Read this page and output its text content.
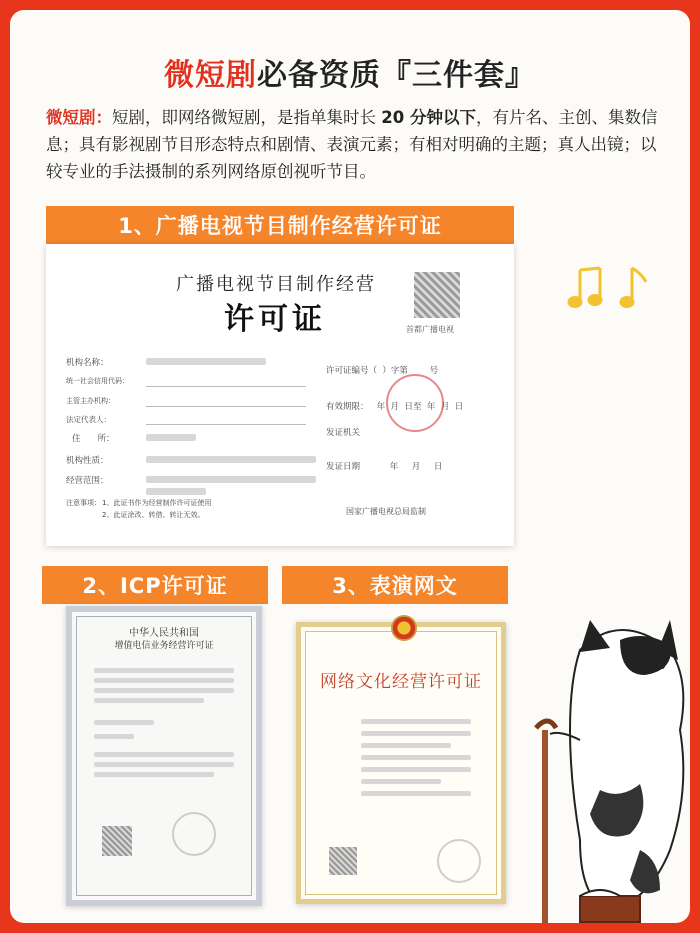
微短剧必备资质『三件套』
微短剧：短剧，即网络微短剧，是指单集时长 20 分钟以下，有片名、主创、集数信息；具有影视剧节目形态特点和剧情、表演元素；有相对明确的主题；真人出镜；以较专业的手法摄制的系列网络原创视听节目。
1、广播电视节目制作经营许可证
广播电视节目制作经营
许可证	首都广播电视
机构名称：
统一社会信用代码：
主管主办机构：
法定代表人：
住　　所：
机构性质：
经营范围：
许可证编号（ ）字第	号
有效期限： 年 月 日至 年 月 日
发证机关
发证日期	年 月 日
注意事项： 1、此证书作为经营制作许可证使用
2、此证涂改、转借、转让无效。	国家广播电视总局监制
2、ICP许可证
中华人民共和国
增值电信业务经营许可证
3、表演网文
网络文化经营许可证
